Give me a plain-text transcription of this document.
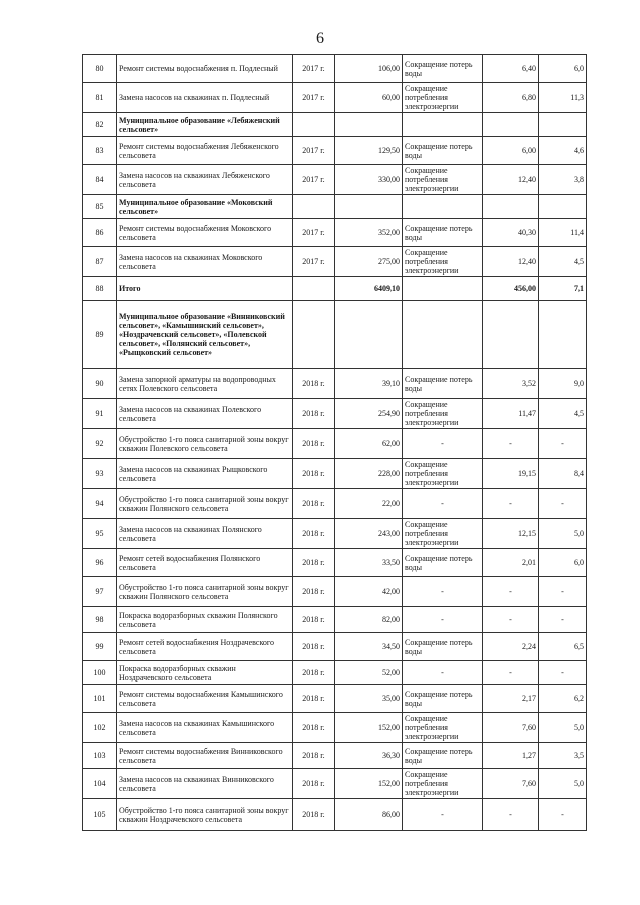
6
80	Ремонт системы водоснабжения п. Подлесный	2017 г.	106,00	Сокращение потерь воды	6,40	6,0
81	Замена насосов на скважинах п. Подлесный	2017 г.	60,00	Сокращение потребления электроэнергии	6,80	11,3
82	Муниципальное образование «Лебяженский сельсовет»					
83	Ремонт системы водоснабжения Лебяженского сельсовета	2017 г.	129,50	Сокращение потерь воды	6,00	4,6
84	Замена насосов на скважинах Лебяженского сельсовета	2017 г.	330,00	Сокращение потребления электроэнергии	12,40	3,8
85	Муниципальное образование «Моковский сельсовет»					
86	Ремонт системы водоснабжения Моковского сельсовета	2017 г.	352,00	Сокращение потерь воды	40,30	11,4
87	Замена насосов на скважинах Моковского сельсовета	2017 г.	275,00	Сокращение потребления электроэнергии	12,40	4,5
88	Итого		6409,10		456,00	7,1
89	Муниципальное образование «Винниковский сельсовет», «Камышинский сельсовет», «Ноздрачевский сельсовет», «Полевской сельсовет», «Полянский сельсовет», «Рыщковский сельсовет»					
90	Замена запорной арматуры на водопроводных сетях Полевского сельсовета	2018 г.	39,10	Сокращение потерь воды	3,52	9,0
91	Замена насосов на скважинах Полевского сельсовета	2018 г.	254,90	Сокращение потребления электроэнергии	11,47	4,5
92	Обустройство 1-го пояса санитарной зоны вокруг скважин Полевского сельсовета	2018 г.	62,00	-	-	-
93	Замена насосов на скважинах Рыщковского сельсовета	2018 г.	228,00	Сокращение потребления электроэнергии	19,15	8,4
94	Обустройство 1-го пояса санитарной зоны вокруг скважин Полянского сельсовета	2018 г.	22,00	-	-	-
95	Замена насосов на скважинах Полянского сельсовета	2018 г.	243,00	Сокращение потребления электроэнергии	12,15	5,0
96	Ремонт сетей водоснабжения Полянского сельсовета	2018 г.	33,50	Сокращение потерь воды	2,01	6,0
97	Обустройство 1-го пояса санитарной зоны вокруг скважин Полянского сельсовета	2018 г.	42,00	-	-	-
98	Покраска водоразборных скважин Полянского сельсовета	2018 г.	82,00	-	-	-
99	Ремонт сетей водоснабжения Ноздрачевского сельсовета	2018 г.	34,50	Сокращение потерь воды	2,24	6,5
100	Покраска водоразборных скважин Ноздрачевского сельсовета	2018 г.	52,00	-	-	-
101	Ремонт системы водоснабжения Камышинского сельсовета	2018 г.	35,00	Сокращение потерь воды	2,17	6,2
102	Замена насосов на скважинах Камышинского сельсовета	2018 г.	152,00	Сокращение потребления электроэнергии	7,60	5,0
103	Ремонт системы водоснабжения Винниковского сельсовета	2018 г.	36,30	Сокращение потерь воды	1,27	3,5
104	Замена насосов на скважинах Винниковского сельсовета	2018 г.	152,00	Сокращение потребления электроэнергии	7,60	5,0
105	Обустройство 1-го пояса санитарной зоны вокруг скважин Ноздрачевского сельсовета	2018 г.	86,00	-	-	-
